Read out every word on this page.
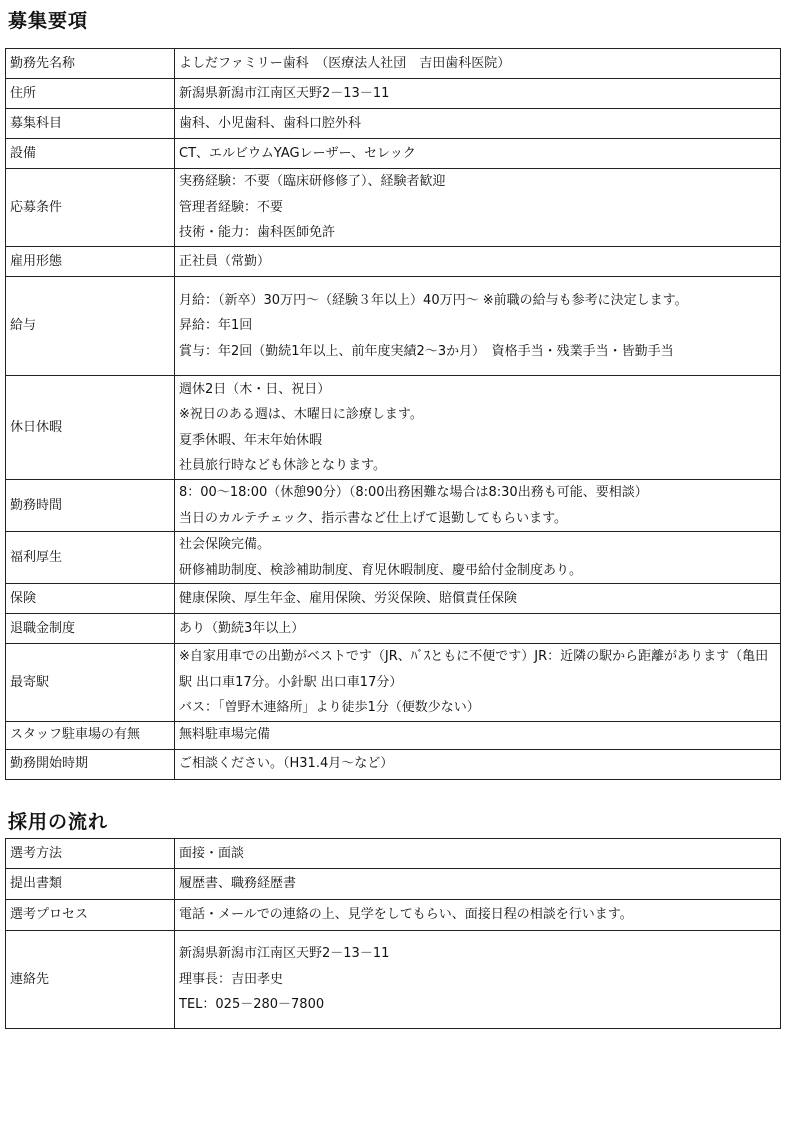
募集要項
勤務先名称	よしだファミリー歯科　（医療法人社団　吉田歯科医院）

住所	新潟県新潟市江南区天野2－13－11

募集科目	歯科、小児歯科、歯科口腔外科

設備	CT、エルビウムYAGレーザー、セレック

応募条件	実務経験：不要（臨床研修修了）、経験者歓迎
管理者経験：不要
技術・能力：歯科医師免許

雇用形態	正社員（常勤）

給与	月給：（新卒）30万円～（経験３年以上）40万円～ ※前職の給与も参考に決定します。
昇給：年1回
賞与：年2回（勤続1年以上、前年度実績2～3か月）　資格手当・残業手当・皆勤手当

休日休暇	週休2日（木・日、祝日）
※祝日のある週は、木曜日に診療します。
夏季休暇、年末年始休暇
社員旅行時なども休診となります。

勤務時間	8：00～18:00（休憩90分）（8:00出務困難な場合は8:30出務も可能、要相談）
当日のカルテチェック、指示書など仕上げて退勤してもらいます。

福利厚生	社会保険完備。
研修補助制度、検診補助制度、育児休暇制度、慶弔給付金制度あり。

保険	健康保険、厚生年金、雇用保険、労災保険、賠償責任保険

退職金制度	あり（勤続3年以上）

最寄駅	※自家用車での出勤がベストです（JR、ﾊﾞｽともに不便です）JR：近隣の駅から距離があります（亀田駅 出口車17分。小針駅 出口車17分）
バス：「曽野木連絡所」より徒歩1分（便数少ない）

スタッフ駐車場の有無	無料駐車場完備

勤務開始時期	ご相談ください。（H31.4月～など）
採用の流れ
選考方法	面接・面談

提出書類	履歴書、職務経歴書

選考プロセス	電話・メールでの連絡の上、見学をしてもらい、面接日程の相談を行います。

連絡先	新潟県新潟市江南区天野2－13－11
理事長：吉田孝史
TEL：025－280－7800
